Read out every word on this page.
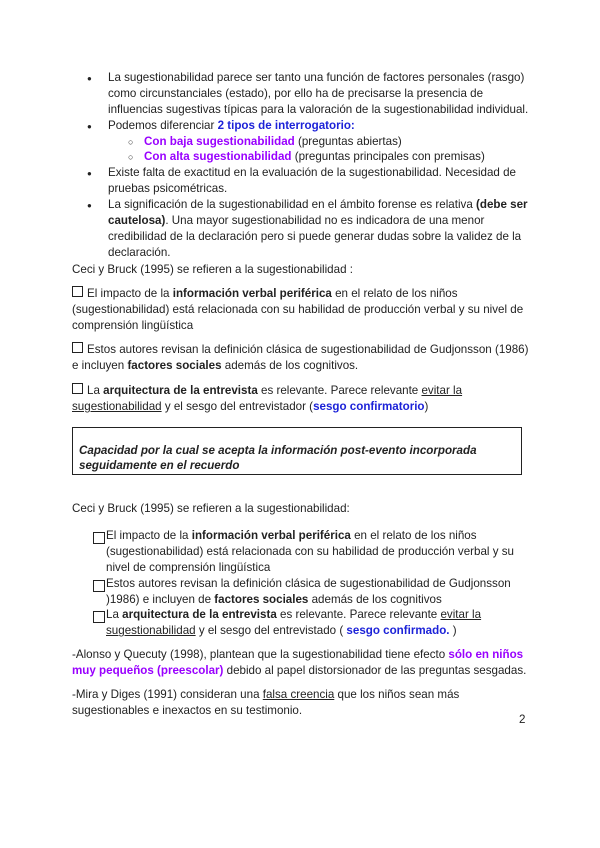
● La sugestionabilidad parece ser tanto una función de factores personales (rasgo) como circunstanciales (estado), por ello ha de precisarse la presencia de influencias sugestivas típicas para la valoración de la sugestionabilidad individual.
● Podemos diferenciar 2 tipos de interrogatorio:
○ Con baja sugestionabilidad (preguntas abiertas)
○ Con alta sugestionabilidad (preguntas principales con premisas)
● Existe falta de exactitud en la evaluación de la sugestionabilidad. Necesidad de pruebas psicométricas.
● La significación de la sugestionabilidad en el ámbito forense es relativa (debe ser cautelosa). Una mayor sugestionabilidad no es indicadora de una menor credibilidad de la declaración pero si puede generar dudas sobre la validez de la declaración.

Ceci y Bruck (1995) se refieren a la sugestionabilidad :

El impacto de la información verbal periférica en el relato de los niños (sugestionabilidad) está relacionada con su habilidad de producción verbal y su nivel de comprensión lingüística

Estos autores revisan la definición clásica de sugestionabilidad de Gudjonsson (1986) e incluyen factores sociales además de los cognitivos.

La arquitectura de la entrevista es relevante. Parece relevante evitar la sugestionabilidad y el sesgo del entrevistador (sesgo confirmatorio)

Capacidad por la cual se acepta la información post-evento incorporada seguidamente en el recuerdo

Ceci y Bruck (1995) se refieren a la sugestionabilidad:

El impacto de la información verbal periférica en el relato de los niños (sugestionabilidad) está relacionada con su habilidad de producción verbal y su nivel de comprensión lingüística
Estos autores revisan la definición clásica de sugestionabilidad de Gudjonsson )1986) e incluyen de factores sociales además de los cognitivos
La arquitectura de la entrevista es relevante. Parece relevante evitar la sugestionabilidad y el sesgo del entrevistado ( sesgo confirmado. )

-Alonso y Quecuty (1998), plantean que la sugestionabilidad tiene efecto sólo en niños muy pequeños (preescolar) debido al papel distorsionador de las preguntas sesgadas.

-Mira y Diges (1991) consideran una falsa creencia que los niños sean más sugestionables e inexactos en su testimonio.

2
